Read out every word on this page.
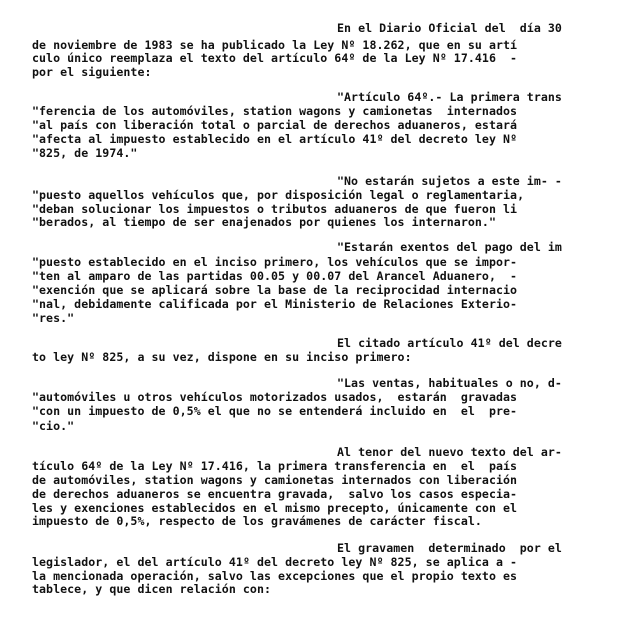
En el Diario Oficial del  día 30
de noviembre de 1983 se ha publicado la Ley Nº 18.262, que en su artí
culo único reemplaza el texto del artículo 64º de la Ley Nº 17.416  -
por el siguiente:
"Artículo 64º.- La primera trans
"ferencia de los automóviles, station wagons y camionetas  internados
"al país con liberación total o parcial de derechos aduaneros, estará
"afecta al impuesto establecido en el artículo 41º del decreto ley Nº
"825, de 1974."
"No estarán sujetos a este im- -
"puesto aquellos vehículos que, por disposición legal o reglamentaria,
"deban solucionar los impuestos o tributos aduaneros de que fueron li
"berados, al tiempo de ser enajenados por quienes los internaron."
"Estarán exentos del pago del im
"puesto establecido en el inciso primero, los vehículos que se impor-
"ten al amparo de las partidas 00.05 y 00.07 del Arancel Aduanero,  -
"exención que se aplicará sobre la base de la reciprocidad internacio
"nal, debidamente calificada por el Ministerio de Relaciones Exterio-
"res."
El citado artículo 41º del decre
to ley Nº 825, a su vez, dispone en su inciso primero:
"Las ventas, habituales o no, d-
"automóviles u otros vehículos motorizados usados,  estarán  gravadas
"con un impuesto de 0,5% el que no se entenderá incluido en  el  pre-
"cio."
Al tenor del nuevo texto del ar-
tículo 64º de la Ley Nº 17.416, la primera transferencia en  el  país
de automóviles, station wagons y camionetas internados con liberación
de derechos aduaneros se encuentra gravada,  salvo los casos especia-
les y exenciones establecidos en el mismo precepto, únicamente con el
impuesto de 0,5%, respecto de los gravámenes de carácter fiscal.
El gravamen  determinado  por el
legislador, el del artículo 41º del decreto ley Nº 825, se aplica a -
la mencionada operación, salvo las excepciones que el propio texto es
tablece, y que dicen relación con:
